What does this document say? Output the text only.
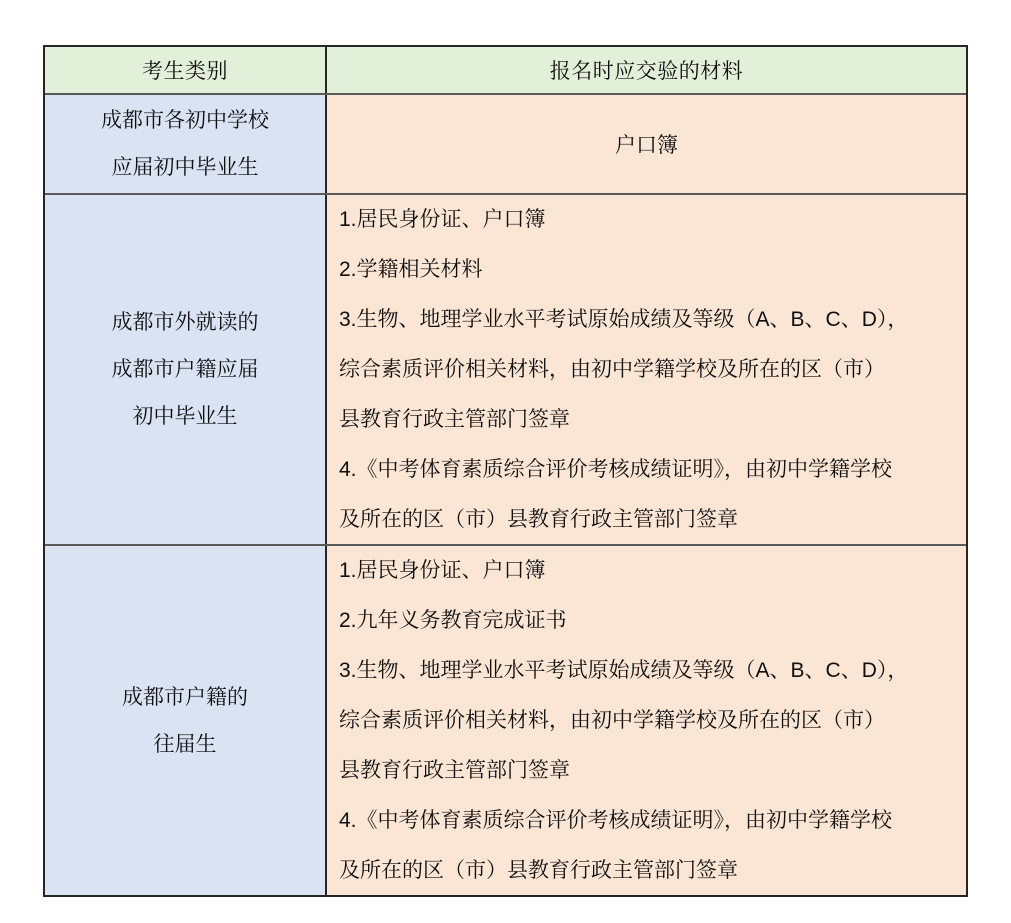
考生类别	报名时应交验的材料
成都市各初中学校
应届初中毕业生
户口簿
成都市外就读的
成都市户籍应届
初中毕业生
1.居民身份证、户口簿
2.学籍相关材料
3.生物、地理学业水平考试原始成绩及等级（A、B、C、D），
综合素质评价相关材料，由初中学籍学校及所在的区（市）
县教育行政主管部门签章
4.《中考体育素质综合评价考核成绩证明》，由初中学籍学校
及所在的区（市）县教育行政主管部门签章
成都市户籍的
往届生
1.居民身份证、户口簿
2.九年义务教育完成证书
3.生物、地理学业水平考试原始成绩及等级（A、B、C、D），
综合素质评价相关材料，由初中学籍学校及所在的区（市）
县教育行政主管部门签章
4.《中考体育素质综合评价考核成绩证明》，由初中学籍学校
及所在的区（市）县教育行政主管部门签章
